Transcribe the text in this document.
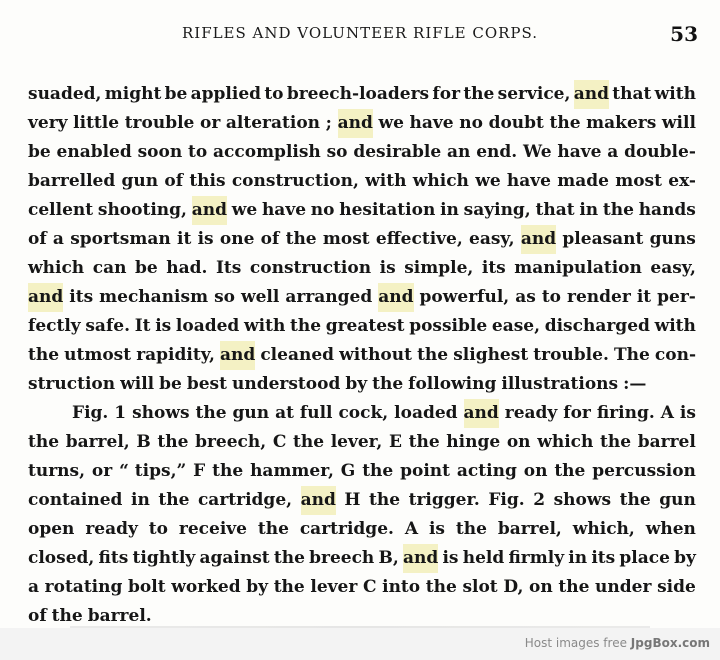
RIFLES AND VOLUNTEER RIFLE CORPS.	53
suaded, might be applied to breech-loaders for the service, and that with
very little trouble or alteration ; and we have no doubt the makers will
be enabled soon to accomplish so desirable an end. We have a double-
barrelled gun of this construction, with which we have made most ex-
cellent shooting, and we have no hesitation in saying, that in the hands
of a sportsman it is one of the most effective, easy, and pleasant guns
which can be had. Its construction is simple, its manipulation easy,
and its mechanism so well arranged and powerful, as to render it per-
fectly safe. It is loaded with the greatest possible ease, discharged with
the utmost rapidity, and cleaned without the slighest trouble. The con-
struction will be best understood by the following illustrations :—
Fig. 1 shows the gun at full cock, loaded and ready for firing. A is
the barrel, B the breech, C the lever, E the hinge on which the barrel
turns, or “ tips,” F the hammer, G the point acting on the percussion
contained in the cartridge, and H the trigger. Fig. 2 shows the gun
open ready to receive the cartridge. A is the barrel, which, when
closed, fits tightly against the breech B, and is held firmly in its place by
a rotating bolt worked by the lever C into the slot D, on the under side
of the barrel.
Host images free JpgBox.com
